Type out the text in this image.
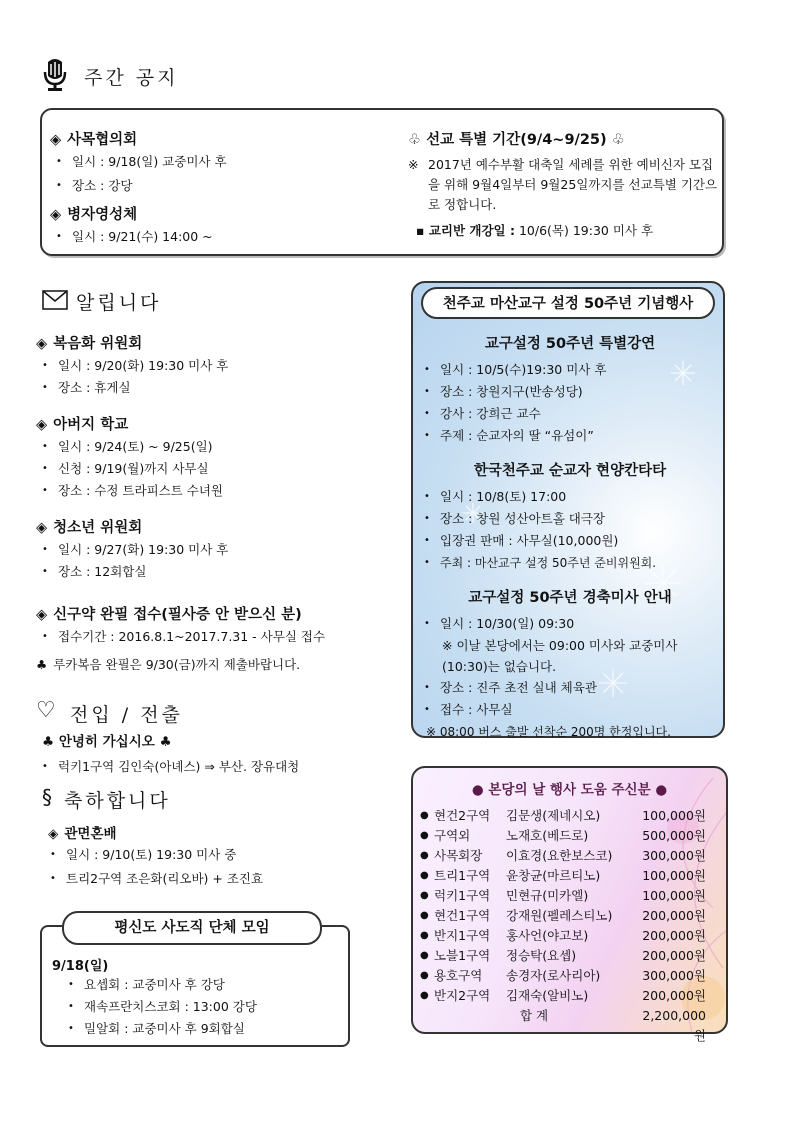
주간 공지
◈ 사목협의회
• 일시 : 9/18(일) 교중미사 후
• 장소 : 강당
◈ 병자영성체
• 일시 : 9/21(수) 14:00 ~
♧ 선교 특별 기간(9/4~9/25) ♧
※ 2017년 예수부활 대축일 세례를 위한 예비신자 모집을 위해 9월4일부터 9월25일까지를 선교특별 기간으로 정합니다.
▪ 교리반 개강일 : 10/6(목) 19:30 미사 후
알립니다
◈ 복음화 위원회
• 일시 : 9/20(화) 19:30 미사 후
• 장소 : 휴게실
◈ 아버지 학교
• 일시 : 9/24(토) ~ 9/25(일)
• 신청 : 9/19(월)까지 사무실
• 장소 : 수정 트라피스트 수녀원
◈ 청소년 위원회
• 일시 : 9/27(화) 19:30 미사 후
• 장소 : 12회합실
◈ 신구약 완필 접수(필사증 안 받으신 분)
• 접수기간 : 2016.8.1~2017.7.31 - 사무실 접수
♣ 루카복음 완필은 9/30(금)까지 제출바랍니다.
♡ 전입 / 전출
♣ 안녕히 가십시오 ♣
• 럭키1구역 김인숙(아녜스) ⇒ 부산. 장유대청
§ 축하합니다
◈ 관면혼배
• 일시 : 9/10(토) 19:30 미사 중
• 트리2구역 조은화(리오바) + 조진효
평신도 사도직 단체 모임
9/18(일)
• 요셉회 : 교중미사 후 강당
• 재속프란치스코회 : 13:00 강당
• 밀알회 : 교중미사 후 9회합실
천주교 마산교구 설정 50주년 기념행사
교구설정 50주년 특별강연
• 일시 : 10/5(수)19:30 미사 후
• 장소 : 창원지구(반송성당)
• 강사 : 강희근 교수
• 주제 : 순교자의 딸 “유섬이”
한국천주교 순교자 현양칸타타
• 일시 : 10/8(토) 17:00
• 장소 : 창원 성산아트홀 대극장
• 입장권 판매 : 사무실(10,000원)
• 주최 : 마산교구 설정 50주년 준비위원회.
교구설정 50주년 경축미사 안내
• 일시 : 10/30(일) 09:30
※ 이날 본당에서는 09:00 미사와 교중미사 (10:30)는 없습니다.
• 장소 : 진주 초전 실내 체육관
• 접수 : 사무실
※ 08:00 버스 출발 선착순 200명 한정입니다.
● 본당의 날 행사 도움 주신분 ●
● 현건2구역	김문생(제네시오)	100,000원
● 구역외	노재호(베드로)	500,000원
● 사목회장	이효경(요한보스코)	300,000원
● 트리1구역	윤창균(마르티노)	100,000원
● 럭키1구역	민현규(미카엘)	100,000원
● 현건1구역	강재원(펠레스티노)	200,000원
● 반지1구역	홍사언(야고보)	200,000원
● 노블1구역	정승탁(요셉)	200,000원
● 용호구역	송경자(로사리아)	300,000원
● 반지2구역	김재숙(알비노)	200,000원
합 계	2,200,000원
